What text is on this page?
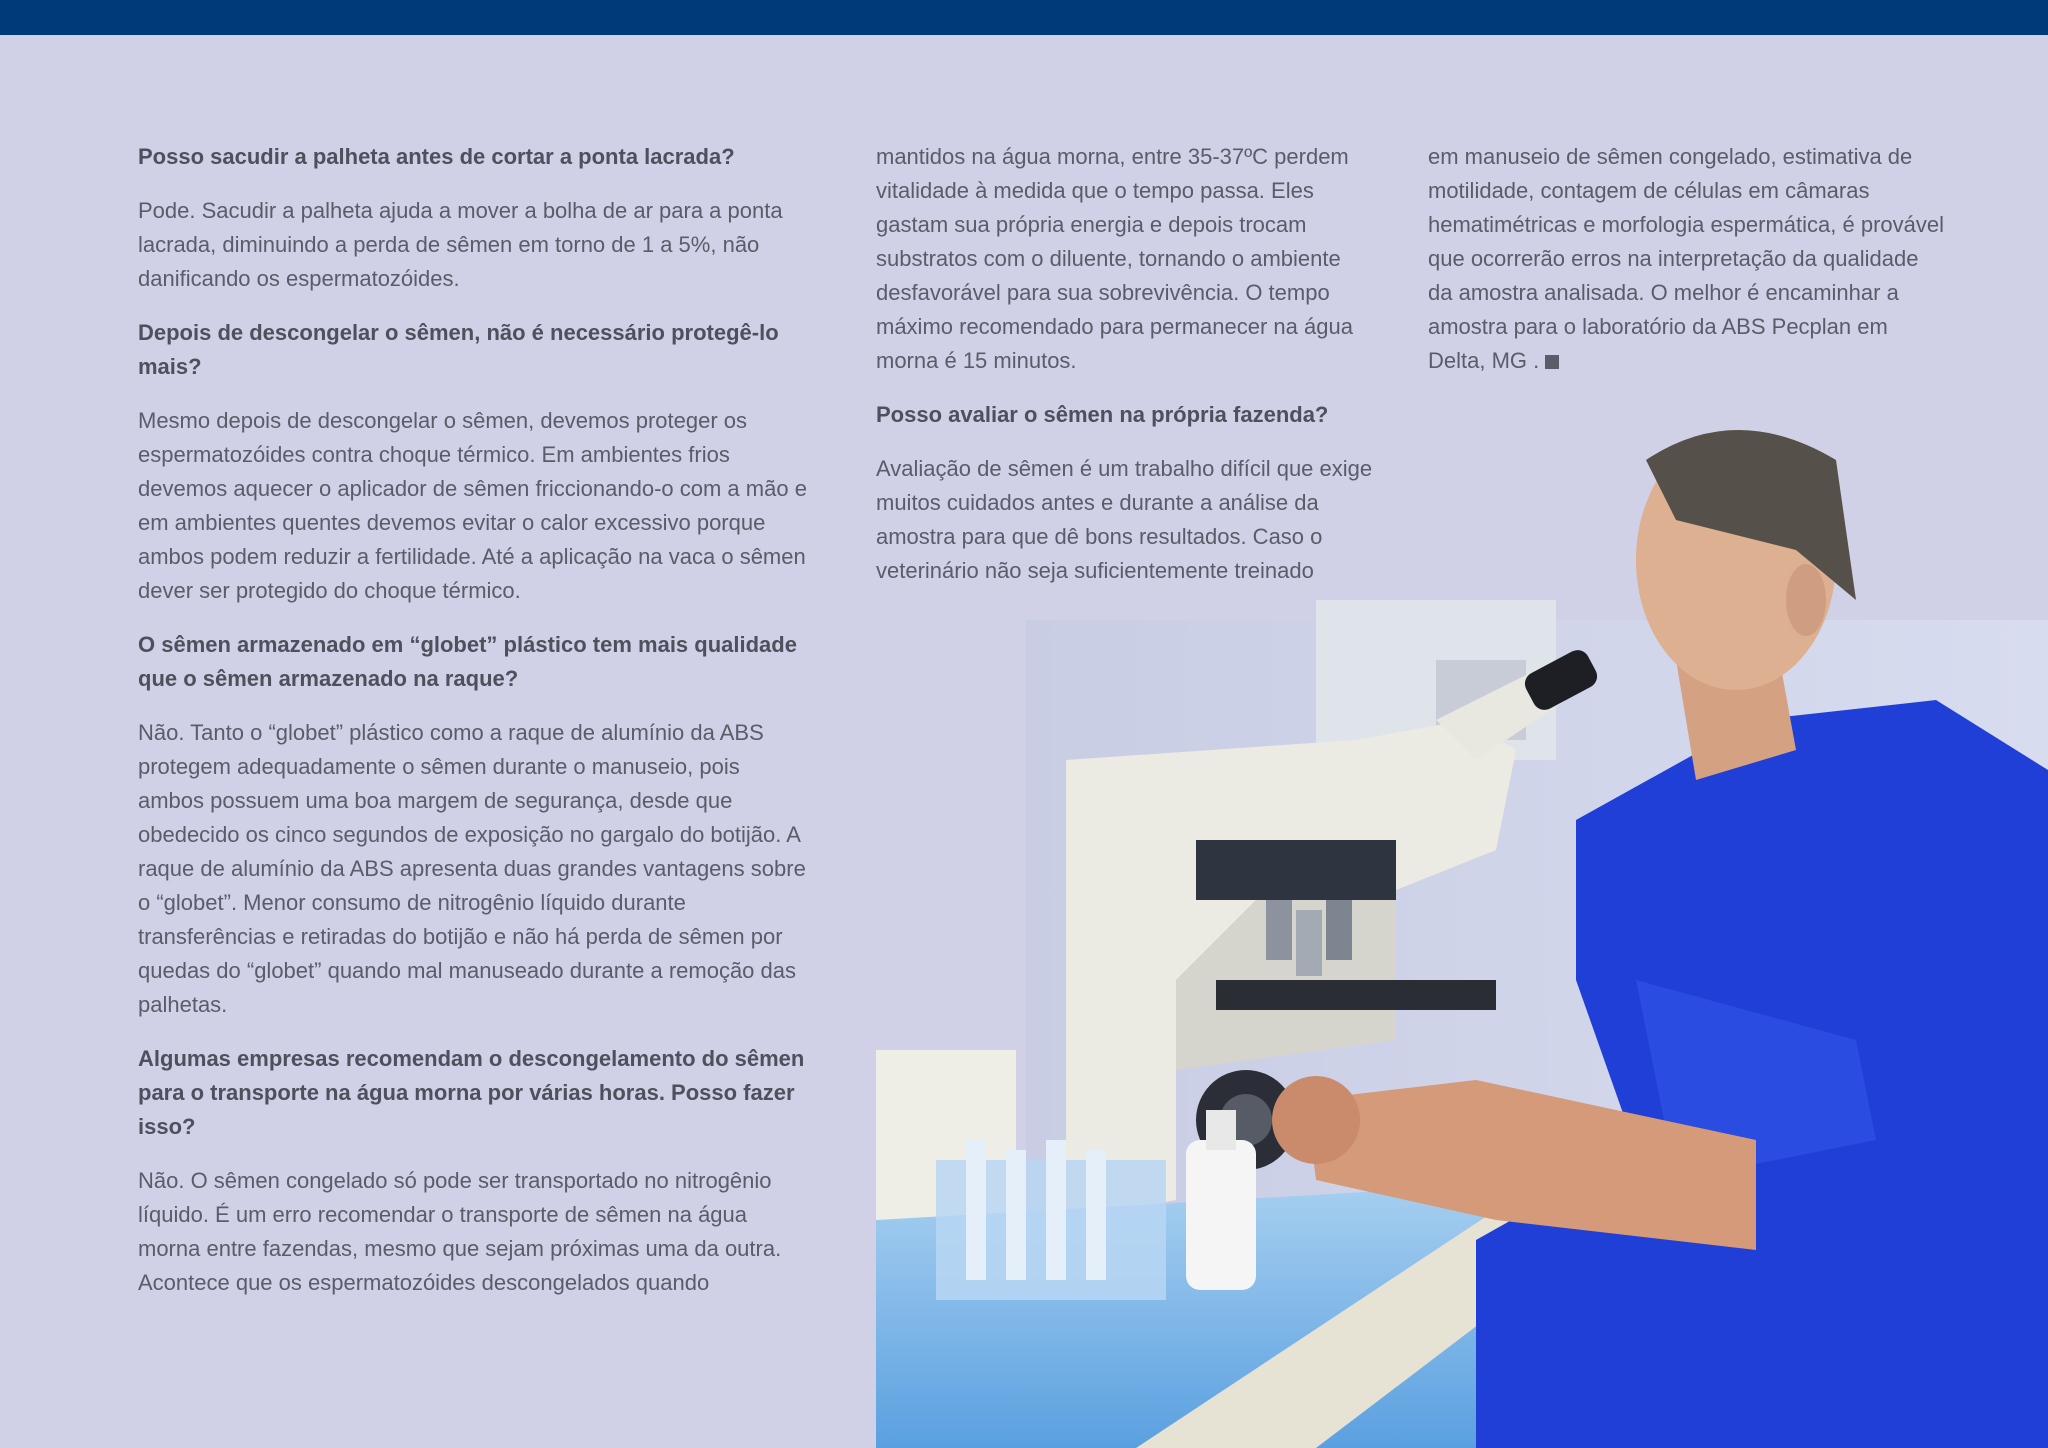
Posso sacudir a palheta antes de cortar a ponta lacrada?

Pode. Sacudir a palheta ajuda a mover a bolha de ar para a ponta lacrada, diminuindo a perda de sêmen em torno de 1 a 5%, não danificando os espermatozóides.

Depois de descongelar o sêmen, não é necessário protegê-lo mais?

Mesmo depois de descongelar o sêmen, devemos proteger os espermatozóides contra choque térmico. Em ambientes frios devemos aquecer o aplicador de sêmen friccionando-o com a mão e em ambientes quentes devemos evitar o calor excessivo porque ambos podem reduzir a fertilidade. Até a aplicação na vaca o sêmen dever ser protegido do choque térmico.

O sêmen armazenado em “globet” plástico tem mais qualidade que o sêmen armazenado na raque?

Não. Tanto o “globet” plástico como a raque de alumínio da ABS protegem adequadamente o sêmen durante o manuseio, pois ambos possuem uma boa margem de segurança, desde que obedecido os cinco segundos de exposição no gargalo do botijão. A raque de alumínio da ABS apresenta duas grandes vantagens sobre o “globet”. Menor consumo de nitrogênio líquido durante transferências e retiradas do botijão e não há perda de sêmen por quedas do “globet” quando mal manuseado durante a remoção das palhetas.

Algumas empresas recomendam o descongelamento do sêmen para o transporte na água morna por várias horas. Posso fazer isso?

Não. O sêmen congelado só pode ser transportado no nitrogênio líquido. É um erro recomendar o transporte de sêmen na água morna entre fazendas, mesmo que sejam próximas uma da outra. Acontece que os espermatozóides descongelados quando

mantidos na água morna, entre 35-37ºC perdem vitalidade à medida que o tempo passa. Eles gastam sua própria energia e depois trocam substratos com o diluente, tornando o ambiente desfavorável para sua sobrevivência. O tempo máximo recomendado para permanecer na água morna é 15 minutos.

Posso avaliar o sêmen na própria fazenda?

Avaliação de sêmen é um trabalho difícil que exige muitos cuidados antes e durante a análise da amostra para que dê bons resultados. Caso o veterinário não seja suficientemente treinado

em manuseio de sêmen congelado, estimativa de motilidade, contagem de células em câmaras hematimétricas e morfologia espermática, é provável que ocorrerão erros na interpretação da qualidade da amostra analisada. O melhor é encaminhar a amostra para o laboratório da ABS Pecplan em Delta, MG .
